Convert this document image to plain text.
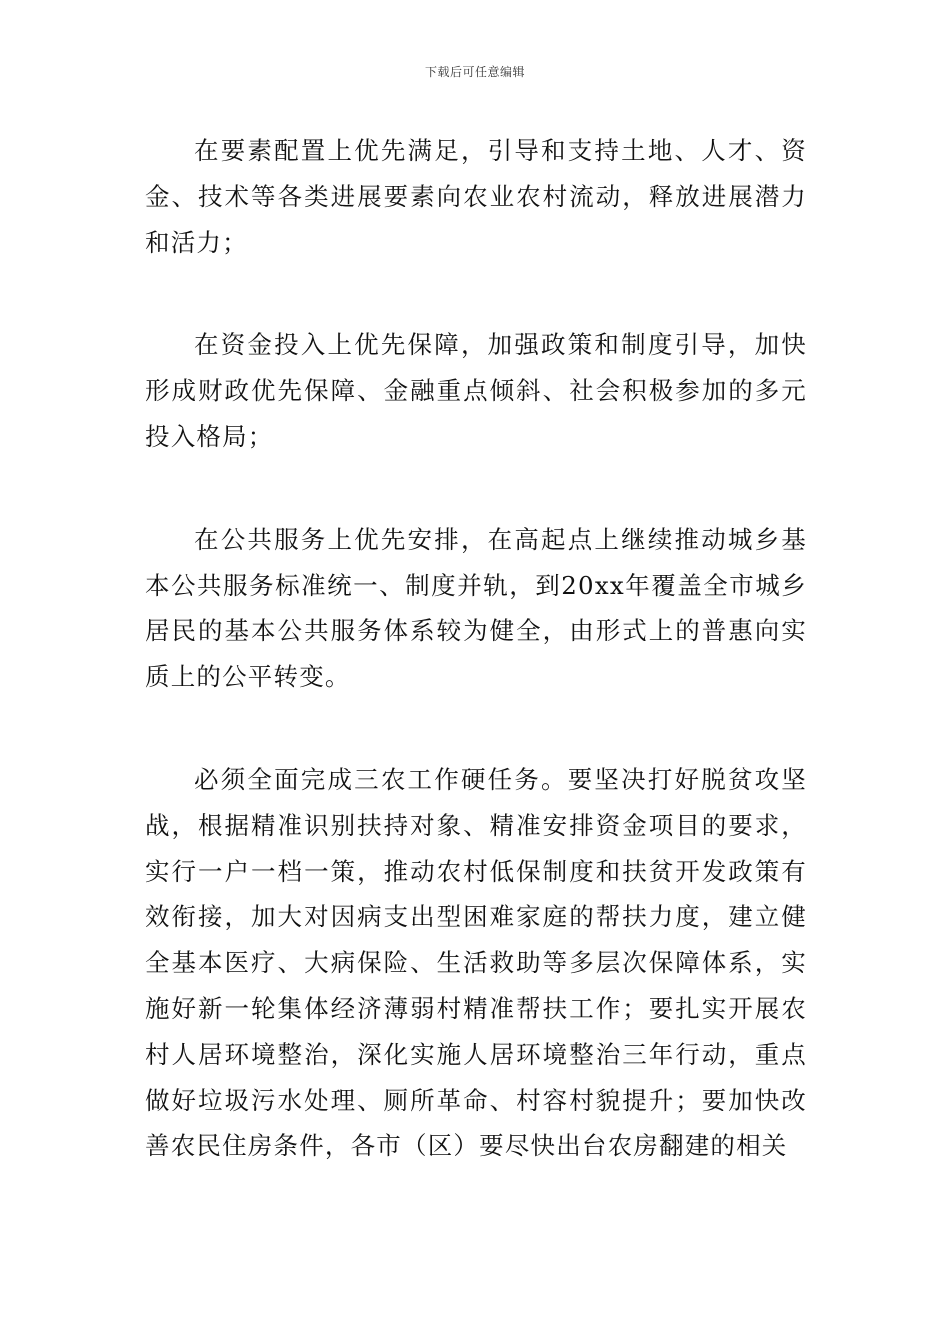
下载后可任意编辑

在要素配置上优先满足，引导和支持土地、人才、资金、技术等各类进展要素向农业农村流动，释放进展潜力和活力；

在资金投入上优先保障，加强政策和制度引导，加快形成财政优先保障、金融重点倾斜、社会积极参加的多元投入格局；

在公共服务上优先安排，在高起点上继续推动城乡基本公共服务标准统一、制度并轨，到20xx年覆盖全市城乡居民的基本公共服务体系较为健全，由形式上的普惠向实质上的公平转变。

必须全面完成三农工作硬任务。要坚决打好脱贫攻坚战，根据精准识别扶持对象、精准安排资金项目的要求，实行一户一档一策，推动农村低保制度和扶贫开发政策有效衔接，加大对因病支出型困难家庭的帮扶力度，建立健全基本医疗、大病保险、生活救助等多层次保障体系，实施好新一轮集体经济薄弱村精准帮扶工作；要扎实开展农村人居环境整治，深化实施人居环境整治三年行动，重点做好垃圾污水处理、厕所革命、村容村貌提升；要加快改善农民住房条件，各市（区）要尽快出台农房翻建的相关
